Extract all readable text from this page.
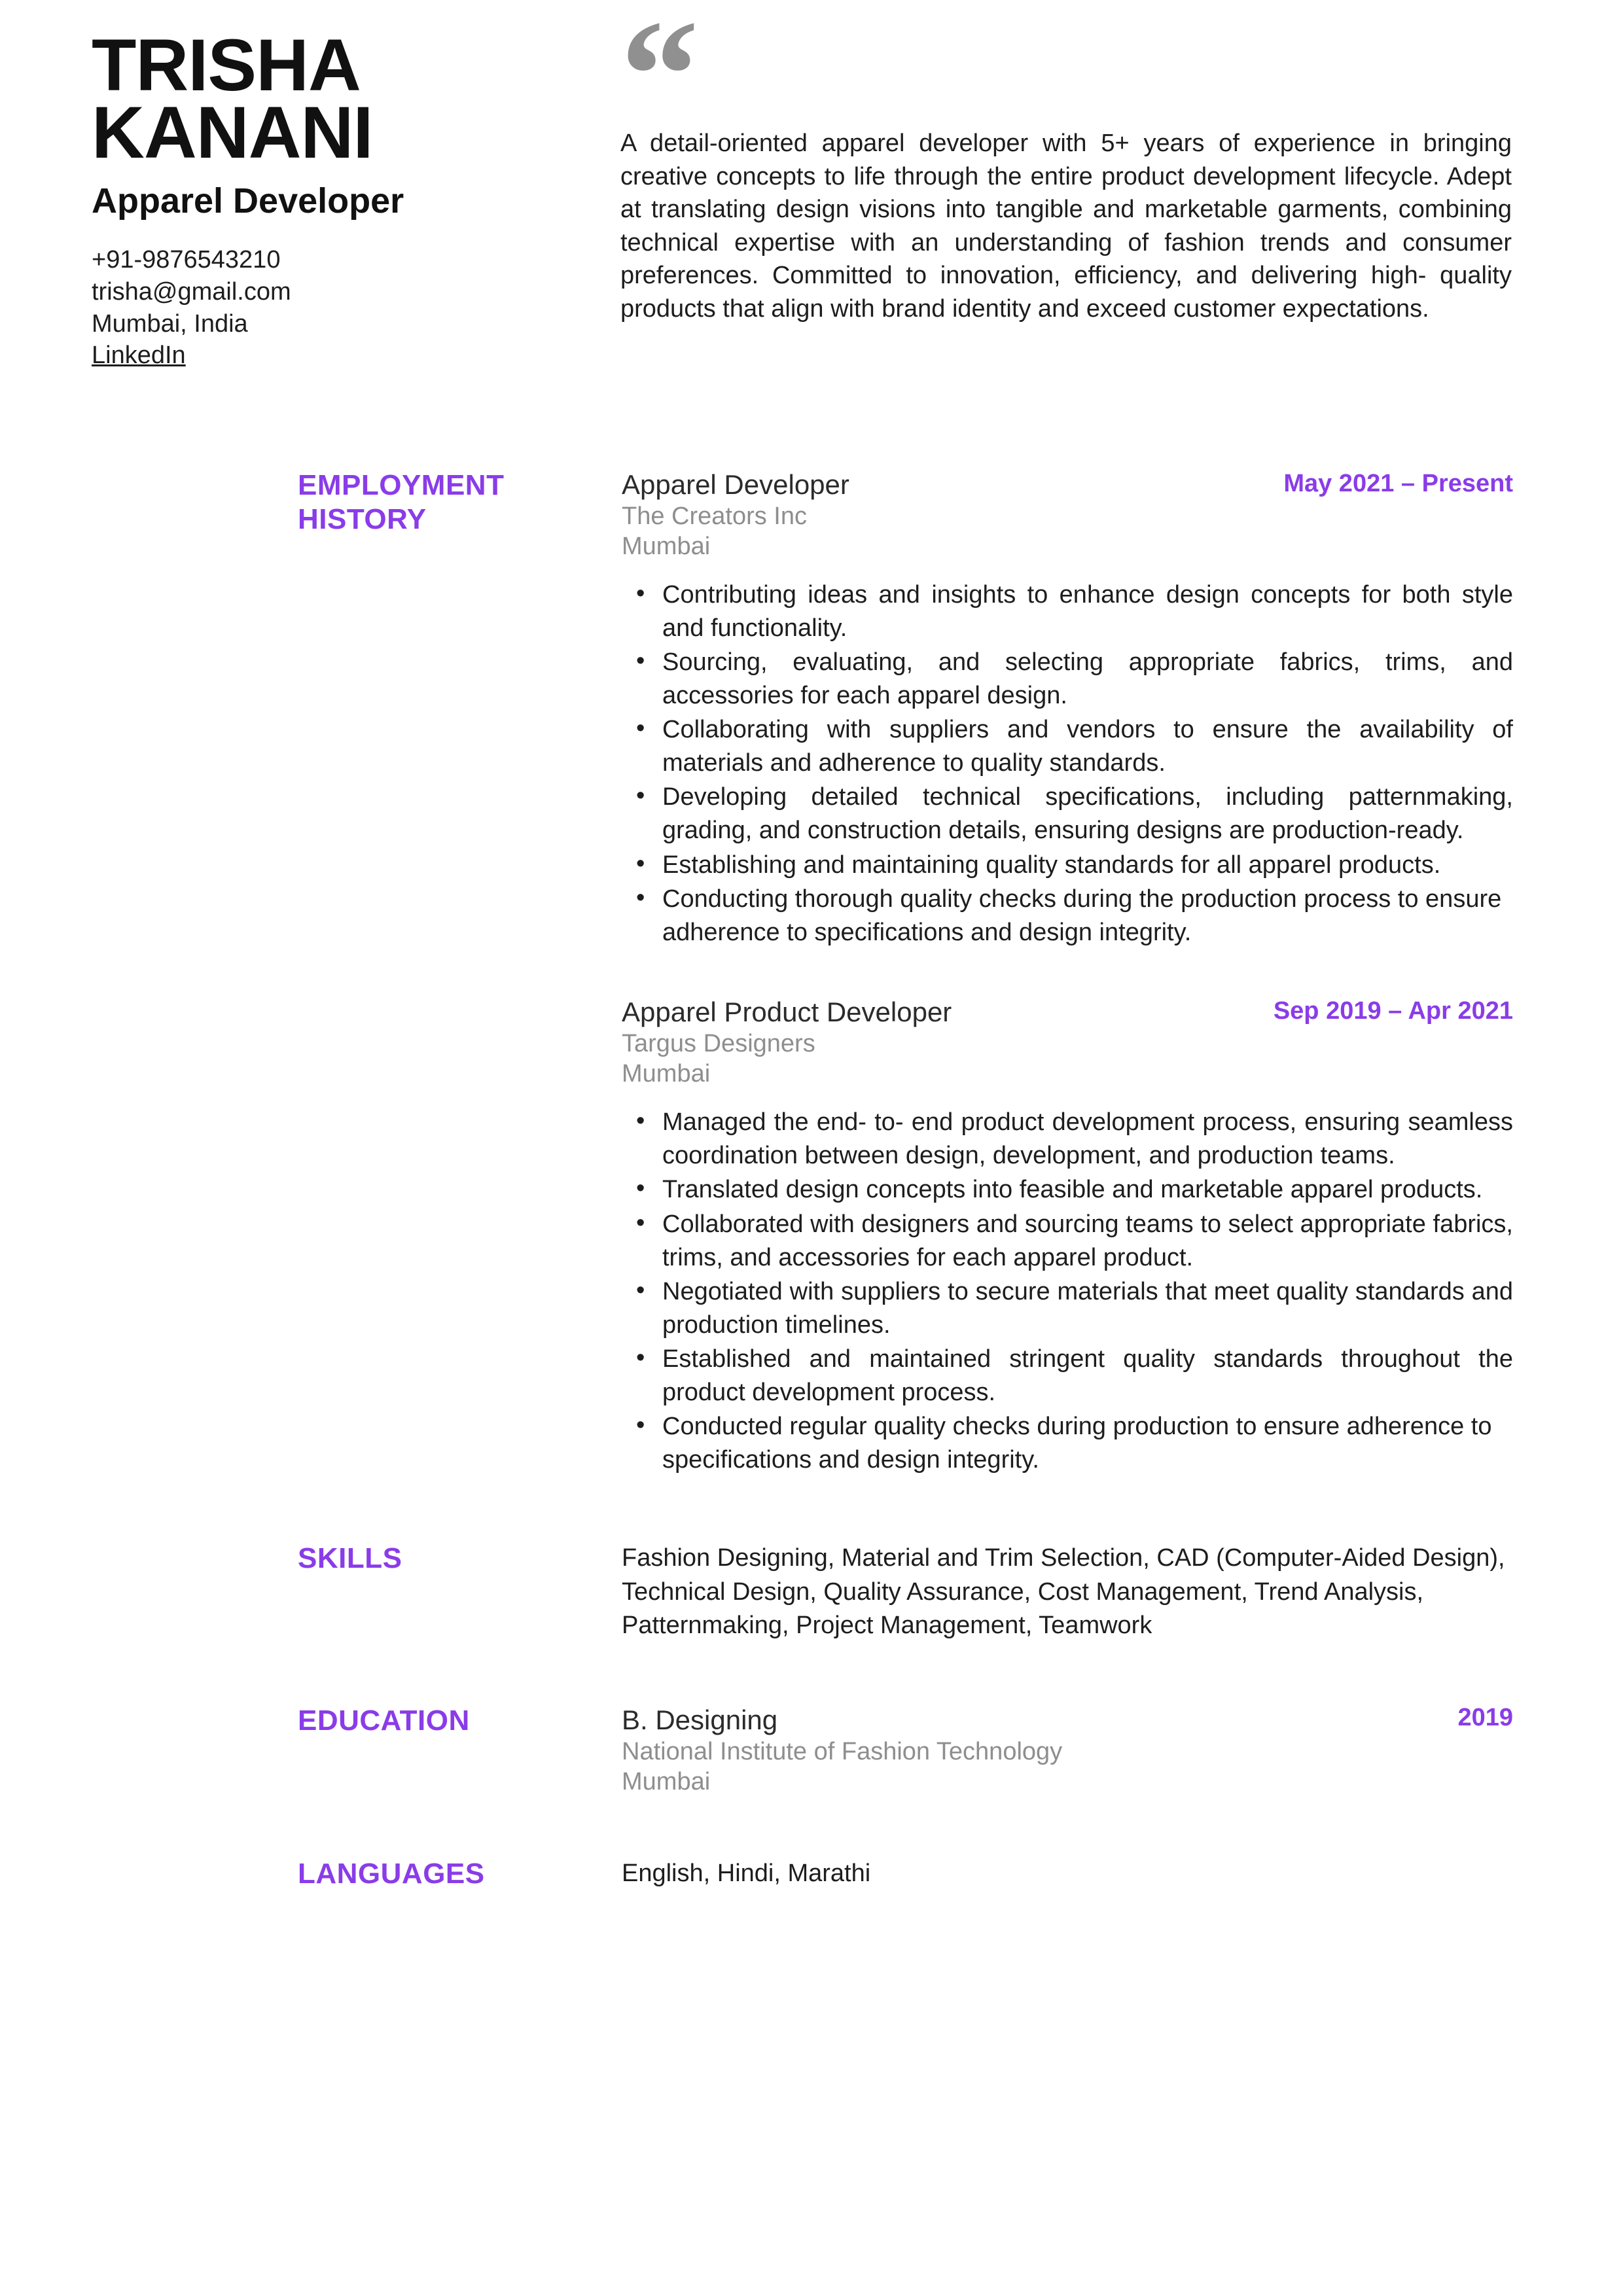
TRISHA
KANANI
Apparel Developer
+91-9876543210
trisha@gmail.com
Mumbai, India
LinkedIn
“

A detail-oriented apparel developer with 5+ years of experience in bringing creative concepts to life through the entire product development lifecycle. Adept at translating design visions into tangible and marketable garments, combining technical expertise with an understanding of fashion trends and consumer preferences. Committed to innovation, efficiency, and delivering high- quality products that align with brand identity and exceed customer expectations.

EMPLOYMENT HISTORY
Apparel Developer
The Creators Inc
Mumbai
May 2021 – Present
• Contributing ideas and insights to enhance design concepts for both style and functionality.
• Sourcing, evaluating, and selecting appropriate fabrics, trims, and accessories for each apparel design.
• Collaborating with suppliers and vendors to ensure the availability of materials and adherence to quality standards.
• Developing detailed technical specifications, including patternmaking, grading, and construction details, ensuring designs are production-ready.
• Establishing and maintaining quality standards for all apparel products.
• Conducting thorough quality checks during the production process to ensure adherence to specifications and design integrity.
Apparel Product Developer
Targus Designers
Mumbai
Sep 2019 – Apr 2021
• Managed the end- to- end product development process, ensuring seamless coordination between design, development, and production teams.
• Translated design concepts into feasible and marketable apparel products.
• Collaborated with designers and sourcing teams to select appropriate fabrics, trims, and accessories for each apparel product.
• Negotiated with suppliers to secure materials that meet quality standards and production timelines.
• Established and maintained stringent quality standards throughout the product development process.
• Conducted regular quality checks during production to ensure adherence to specifications and design integrity.
SKILLS	Fashion Designing, Material and Trim Selection, CAD (Computer-Aided Design), Technical Design, Quality Assurance, Cost Management, Trend Analysis, Patternmaking, Project Management, Teamwork
EDUCATION	B. Designing
National Institute of Fashion Technology
Mumbai
2019
LANGUAGES	English, Hindi, Marathi
